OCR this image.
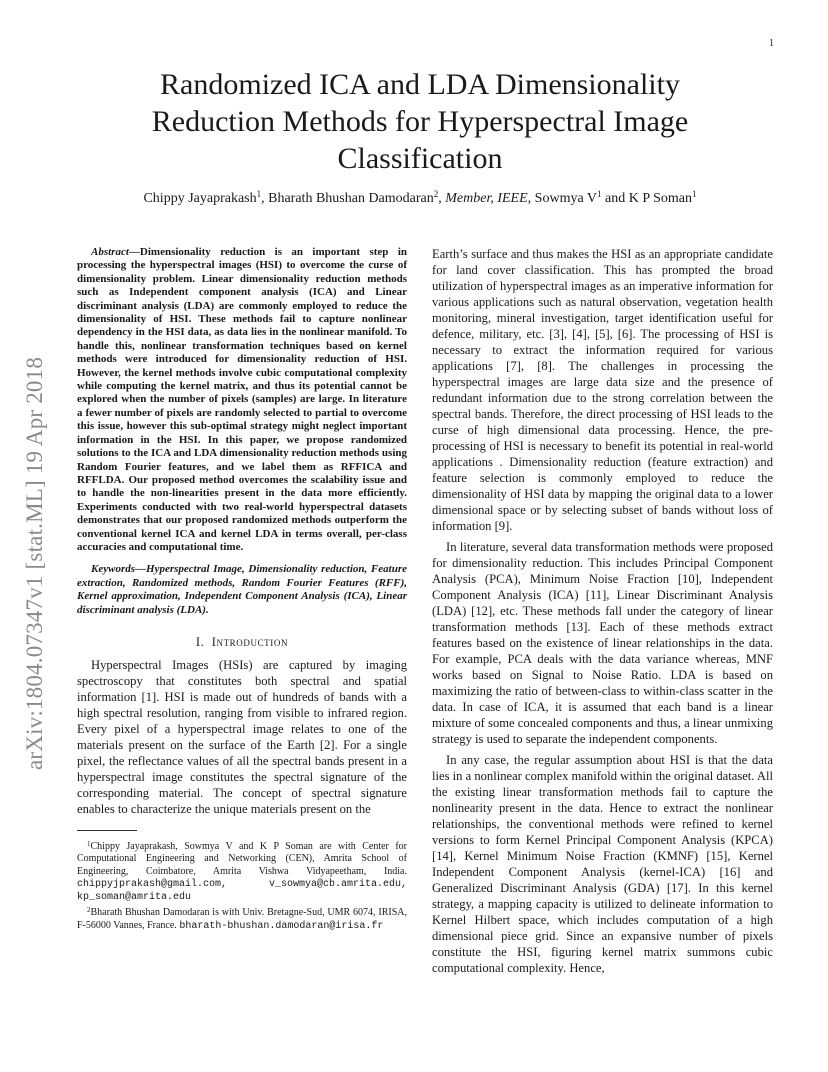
1
arXiv:1804.07347v1 [stat.ML] 19 Apr 2018
Randomized ICA and LDA Dimensionality
Reduction Methods for Hyperspectral Image
Classification
Chippy Jayaprakash$^1$, Bharath Bhushan Damodaran$^2$, Member, IEEE, Sowmya $V^1$ and K P Soman$^1$

Abstract—Dimensionality reduction is an important step in processing the hyperspectral images (HSI) to overcome the curse of dimensionality problem. Linear dimensionality reduction methods such as Independent component analysis (ICA) and Linear discriminant analysis (LDA) are commonly employed to reduce the dimensionality of HSI. These methods fail to capture nonlinear dependency in the HSI data, as data lies in the nonlinear manifold. To handle this, nonlinear transformation techniques based on kernel methods were introduced for dimensionality reduction of HSI. However, the kernel methods involve cubic computational complexity while computing the kernel matrix, and thus its potential cannot be explored when the number of pixels (samples) are large. In literature a fewer number of pixels are randomly selected to partial to overcome this issue, however this sub-optimal strategy might neglect important information in the HSI. In this paper, we propose randomized solutions to the ICA and LDA dimensionality reduction methods using Random Fourier features, and we label them as RFFICA and RFFLDA. Our proposed method overcomes the scalability issue and to handle the non-linearities present in the data more efficiently. Experiments conducted with two real-world hyperspectral datasets demonstrates that our proposed randomized methods outperform the conventional kernel ICA and kernel LDA in terms overall, per-class accuracies and computational time.

Keywords—Hyperspectral Image, Dimensionality reduction, Feature extraction, Randomized methods, Random Fourier Features (RFF), Kernel approximation, Independent Component Analysis (ICA), Linear discriminant analysis (LDA).

I. Introduction

Hyperspectral Images (HSIs) are captured by imaging spectroscopy that constitutes both spectral and spatial information [1]. HSI is made out of hundreds of bands with a high spectral resolution, ranging from visible to infrared region. Every pixel of a hyperspectral image relates to one of the materials present on the surface of the Earth [2]. For a single pixel, the reflectance values of all the spectral bands present in a hyperspectral image constitutes the spectral signature of the corresponding material. The concept of spectral signature enables to characterize the unique materials present on the

$^1$Chippy Jayaprakash, Sowmya V and K P Soman are with Center for Computational Engineering and Networking (CEN), Amrita School of Engineering, Coimbatore, Amrita Vishwa Vidyapeetham, India. chippyjprakash@gmail.com,	v_sowmya@cb.amrita.edu, kp_soman@amrita.edu

$^2$Bharath Bhushan Damodaran is with Univ. Bretagne-Sud, UMR 6074, IRISA, F-56000 Vannes, France. bharath-bhushan.damodaran@irisa.fr

Earth’s surface and thus makes the HSI as an appropriate candidate for land cover classification. This has prompted the broad utilization of hyperspectral images as an imperative information for various applications such as natural observation, vegetation health monitoring, mineral investigation, target identification useful for defence, military, etc. [3], [4], [5], [6]. The processing of HSI is necessary to extract the information required for various applications [7], [8]. The challenges in processing the hyperspectral images are large data size and the presence of redundant information due to the strong correlation between the spectral bands. Therefore, the direct processing of HSI leads to the curse of high dimensional data processing. Hence, the pre-processing of HSI is necessary to benefit its potential in real-world applications . Dimensionality reduction (feature extraction) and feature selection is commonly employed to reduce the dimensionality of HSI data by mapping the original data to a lower dimensional space or by selecting subset of bands without loss of information [9].

In literature, several data transformation methods were proposed for dimensionality reduction. This includes Principal Component Analysis (PCA), Minimum Noise Fraction [10], Independent Component Analysis (ICA) [11], Linear Discriminant Analysis (LDA) [12], etc. These methods fall under the category of linear transformation methods [13]. Each of these methods extract features based on the existence of linear relationships in the data. For example, PCA deals with the data variance whereas, MNF works based on Signal to Noise Ratio. LDA is based on maximizing the ratio of between-class to within-class scatter in the data. In case of ICA, it is assumed that each band is a linear mixture of some concealed components and thus, a linear unmixing strategy is used to separate the independent components.

In any case, the regular assumption about HSI is that the data lies in a nonlinear complex manifold within the original dataset. All the existing linear transformation methods fail to capture the nonlinearity present in the data. Hence to extract the nonlinear relationships, the conventional methods were refined to kernel versions to form Kernel Principal Component Analysis (KPCA) [14], Kernel Minimum Noise Fraction (KMNF) [15], Kernel Independent Component Analysis (kernel-ICA) [16] and Generalized Discriminant Analysis (GDA) [17]. In this kernel strategy, a mapping capacity is utilized to delineate information to Kernel Hilbert space, which includes computation of a high dimensional piece grid. Since an expansive number of pixels constitute the HSI, figuring kernel matrix summons cubic computational complexity. Hence,
